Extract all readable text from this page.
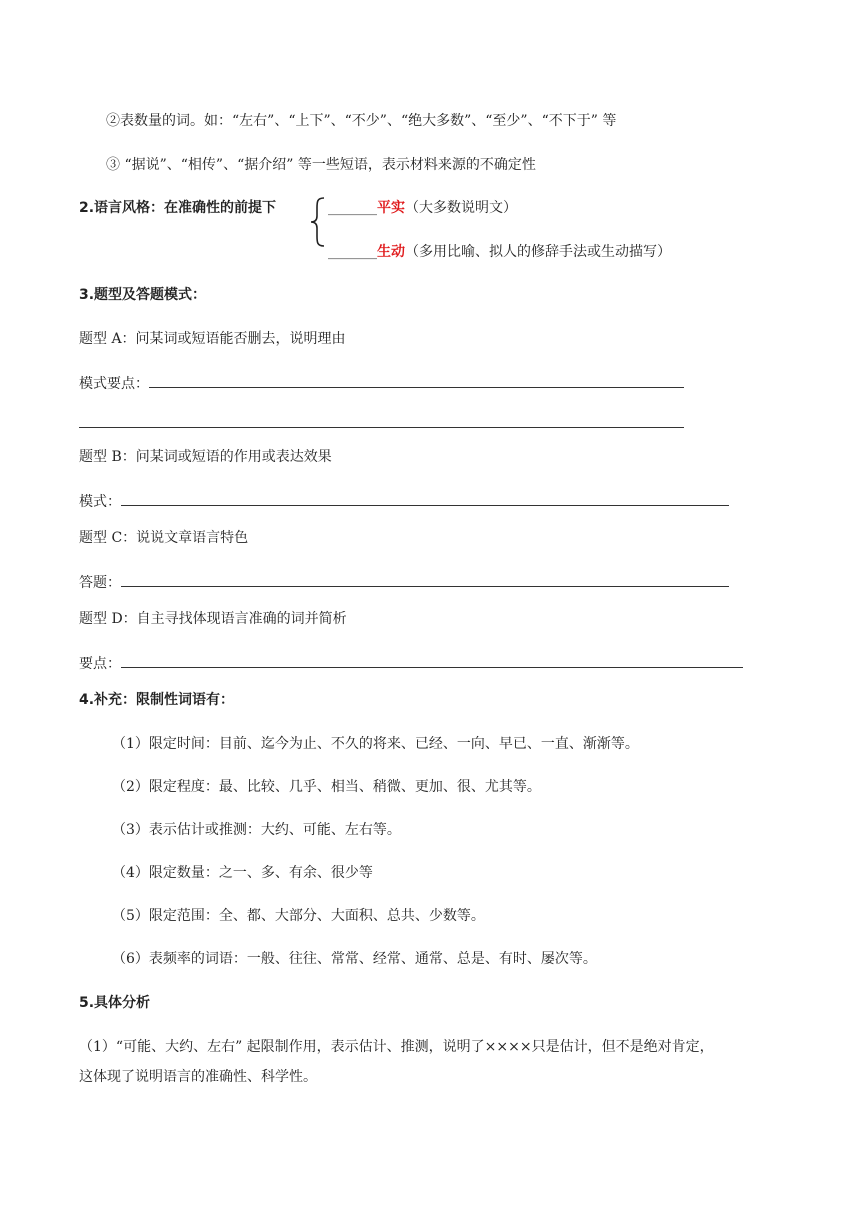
②表数量的词。如：“左右”、“上下”、“不少”、“绝大多数”、“至少”、“不下于” 等
③ “据说”、“相传”、“据介绍” 等一些短语，表示材料来源的不确定性
2.语言风格：在准确性的前提下	_______平实（大多数说明文）
_______生动（多用比喻、拟人的修辞手法或生动描写）
3.题型及答题模式：
题型 A：问某词或短语能否删去，说明理由
模式要点：
题型 B：问某词或短语的作用或表达效果
模式：
题型 C：说说文章语言特色
答题：
题型 D：自主寻找体现语言准确的词并简析
要点：
4.补充：限制性词语有：
（1）限定时间：目前、迄今为止、不久的将来、已经、一向、早已、一直、渐渐等。
（2）限定程度：最、比较、几乎、相当、稍微、更加、很、尤其等。
（3）表示估计或推测：大约、可能、左右等。
（4）限定数量：之一、多、有余、很少等
（5）限定范围：全、都、大部分、大面积、总共、少数等。
（6）表频率的词语：一般、往往、常常、经常、通常、总是、有时、屡次等。
5.具体分析
（1）“可能、大约、左右” 起限制作用，表示估计、推测，说明了××××只是估计，但不是绝对肯定，
这体现了说明语言的准确性、科学性。
